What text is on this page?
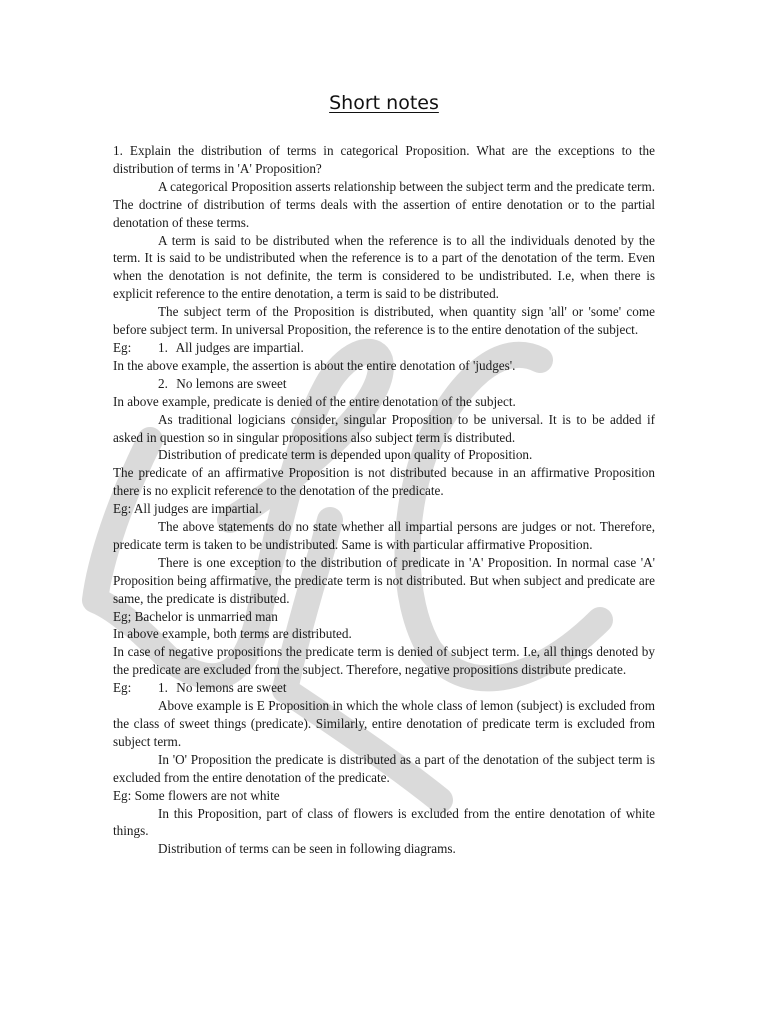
DLC
Short notes

1. Explain the distribution of terms in categorical Proposition. What are the exceptions to the distribution of terms in 'A' Proposition?

A categorical Proposition asserts relationship between the subject term and the predicate term. The doctrine of distribution of terms deals with the assertion of entire denotation or to the partial denotation of these terms.

A term is said to be distributed when the reference is to all the individuals denoted by the term. It is said to be undistributed when the reference is to a part of the denotation of the term. Even when the denotation is not definite, the term is considered to be undistributed. I.e, when there is explicit reference to the entire denotation, a term is said to be distributed.

The subject term of the Proposition is distributed, when quantity sign 'all' or 'some' come before subject term. In universal Proposition, the reference is to the entire denotation of the subject.

Eg:	1. All judges are impartial.

In the above example, the assertion is about the entire denotation of 'judges'.

2. No lemons are sweet

In above example, predicate is denied of the entire denotation of the subject.

As traditional logicians consider, singular Proposition to be universal. It is to be added if asked in question so in singular propositions also subject term is distributed.

Distribution of predicate term is depended upon quality of Proposition.

The predicate of an affirmative Proposition is not distributed because in an affirmative Proposition there is no explicit reference to the denotation of the predicate.

Eg: All judges are impartial.

The above statements do no state whether all impartial persons are judges or not. Therefore, predicate term is taken to be undistributed. Same is with particular affirmative Proposition.

There is one exception to the distribution of predicate in 'A' Proposition. In normal case 'A' Proposition being affirmative, the predicate term is not distributed. But when subject and predicate are same, the predicate is distributed.

Eg; Bachelor is unmarried man

In above example, both terms are distributed.

In case of negative propositions the predicate term is denied of subject term. I.e, all things denoted by the predicate are excluded from the subject. Therefore, negative propositions distribute predicate.

Eg:	1. No lemons are sweet

Above example is E Proposition in which the whole class of lemon (subject) is excluded from the class of sweet things (predicate). Similarly, entire denotation of predicate term is excluded from subject term.

In 'O' Proposition the predicate is distributed as a part of the denotation of the subject term is excluded from the entire denotation of the predicate.

Eg: Some flowers are not white

In this Proposition, part of class of flowers is excluded from the entire denotation of white things.

Distribution of terms can be seen in following diagrams.
